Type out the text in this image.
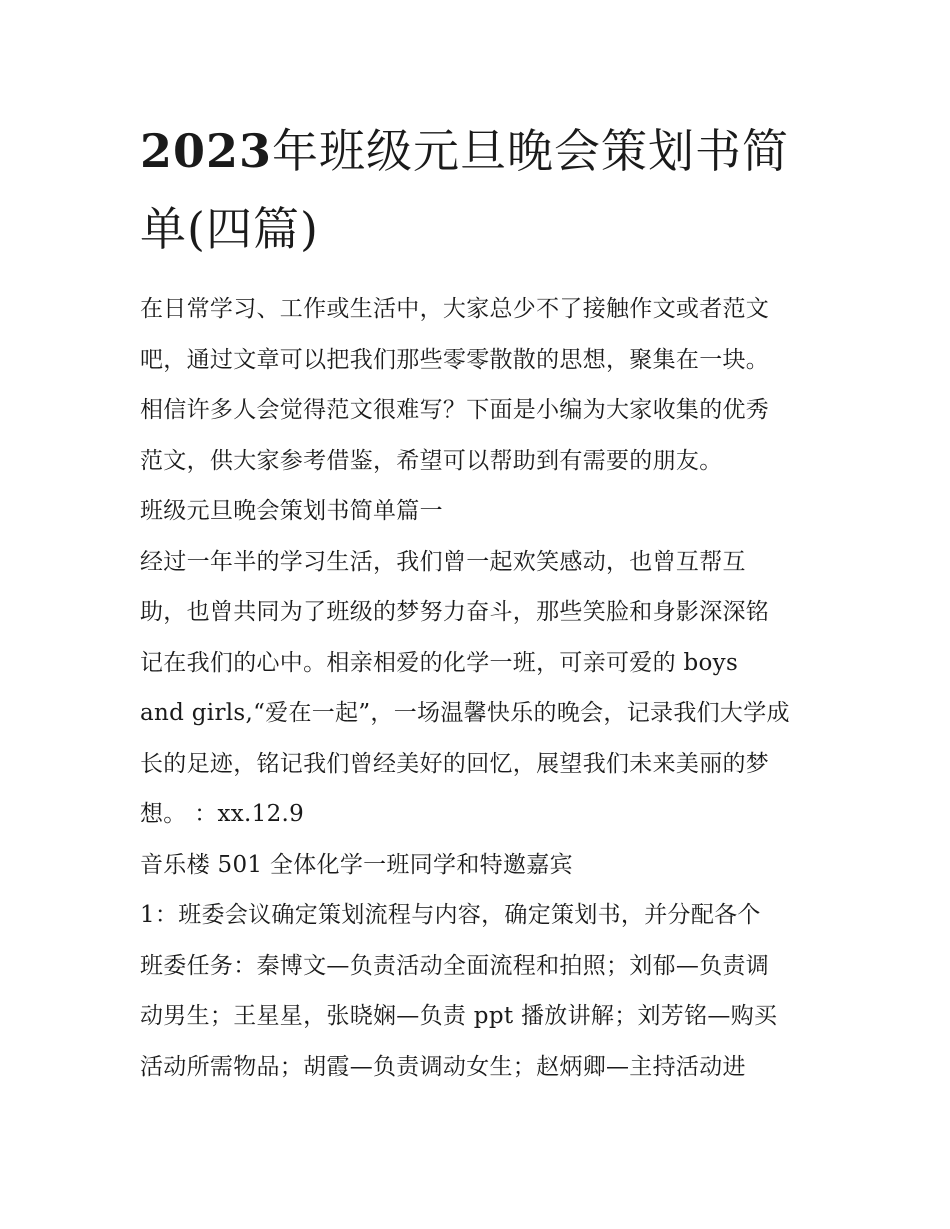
2023年班级元旦晚会策划书简
单(四篇)

在日常学习、工作或生活中，大家总少不了接触作文或者范文
吧，通过文章可以把我们那些零零散散的思想，聚集在一块。
相信许多人会觉得范文很难写？下面是小编为大家收集的优秀
范文，供大家参考借鉴，希望可以帮助到有需要的朋友。

班级元旦晚会策划书简单篇一

经过一年半的学习生活，我们曾一起欢笑感动，也曾互帮互
助，也曾共同为了班级的梦努力奋斗，那些笑脸和身影深深铭
记在我们的心中。相亲相爱的化学一班，可亲可爱的 boys
and girls,“爱在一起”，一场温馨快乐的晚会，记录我们大学成
长的足迹，铭记我们曾经美好的回忆，展望我们未来美丽的梦
想。 ：xx.12.9

音乐楼 501 全体化学一班同学和特邀嘉宾

1：班委会议确定策划流程与内容，确定策划书，并分配各个
班委任务：秦博文—负责活动全面流程和拍照；刘郁—负责调
动男生；王星星，张晓娴—负责 ppt 播放讲解；刘芳铭—购买
活动所需物品；胡霞—负责调动女生；赵炳卿—主持活动进
